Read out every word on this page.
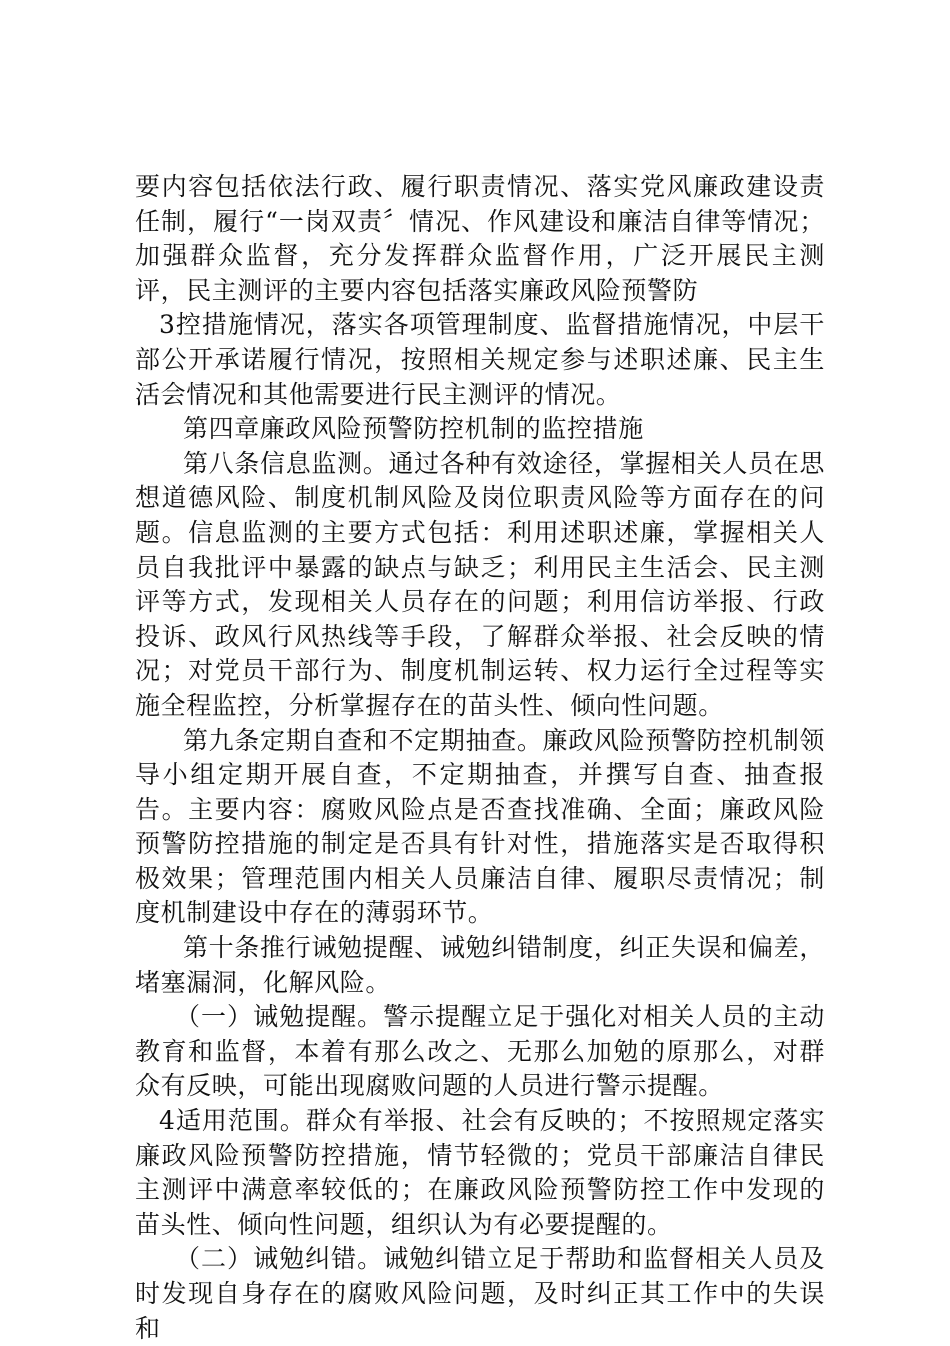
要内容包括依法行政、履行职责情况、落实党风廉政建设责任制，履行“一岗双责〞情况、作风建设和廉洁自律等情况；加强群众监督，充分发挥群众监督作用，广泛开展民主测评，民主测评的主要内容包括落实廉政风险预警防

3控措施情况，落实各项管理制度、监督措施情况，中层干部公开承诺履行情况，按照相关规定参与述职述廉、民主生活会情况和其他需要进行民主测评的情况。

第四章廉政风险预警防控机制的监控措施

第八条信息监测。通过各种有效途径，掌握相关人员在思想道德风险、制度机制风险及岗位职责风险等方面存在的问题。信息监测的主要方式包括：利用述职述廉，掌握相关人员自我批评中暴露的缺点与缺乏；利用民主生活会、民主测评等方式，发现相关人员存在的问题；利用信访举报、行政投诉、政风行风热线等手段，了解群众举报、社会反映的情况；对党员干部行为、制度机制运转、权力运行全过程等实施全程监控，分析掌握存在的苗头性、倾向性问题。

第九条定期自查和不定期抽查。廉政风险预警防控机制领导小组定期开展自查，不定期抽查，并撰写自查、抽查报告。主要内容：腐败风险点是否查找准确、全面；廉政风险预警防控措施的制定是否具有针对性，措施落实是否取得积极效果；管理范围内相关人员廉洁自律、履职尽责情况；制度机制建设中存在的薄弱环节。

第十条推行诫勉提醒、诫勉纠错制度，纠正失误和偏差，堵塞漏洞，化解风险。

（一）诫勉提醒。警示提醒立足于强化对相关人员的主动教育和监督，本着有那么改之、无那么加勉的原那么，对群众有反映，可能出现腐败问题的人员进行警示提醒。

4适用范围。群众有举报、社会有反映的；不按照规定落实廉政风险预警防控措施，情节轻微的；党员干部廉洁自律民主测评中满意率较低的；在廉政风险预警防控工作中发现的苗头性、倾向性问题，组织认为有必要提醒的。

（二）诫勉纠错。诫勉纠错立足于帮助和监督相关人员及时发现自身存在的腐败风险问题，及时纠正其工作中的失误和
